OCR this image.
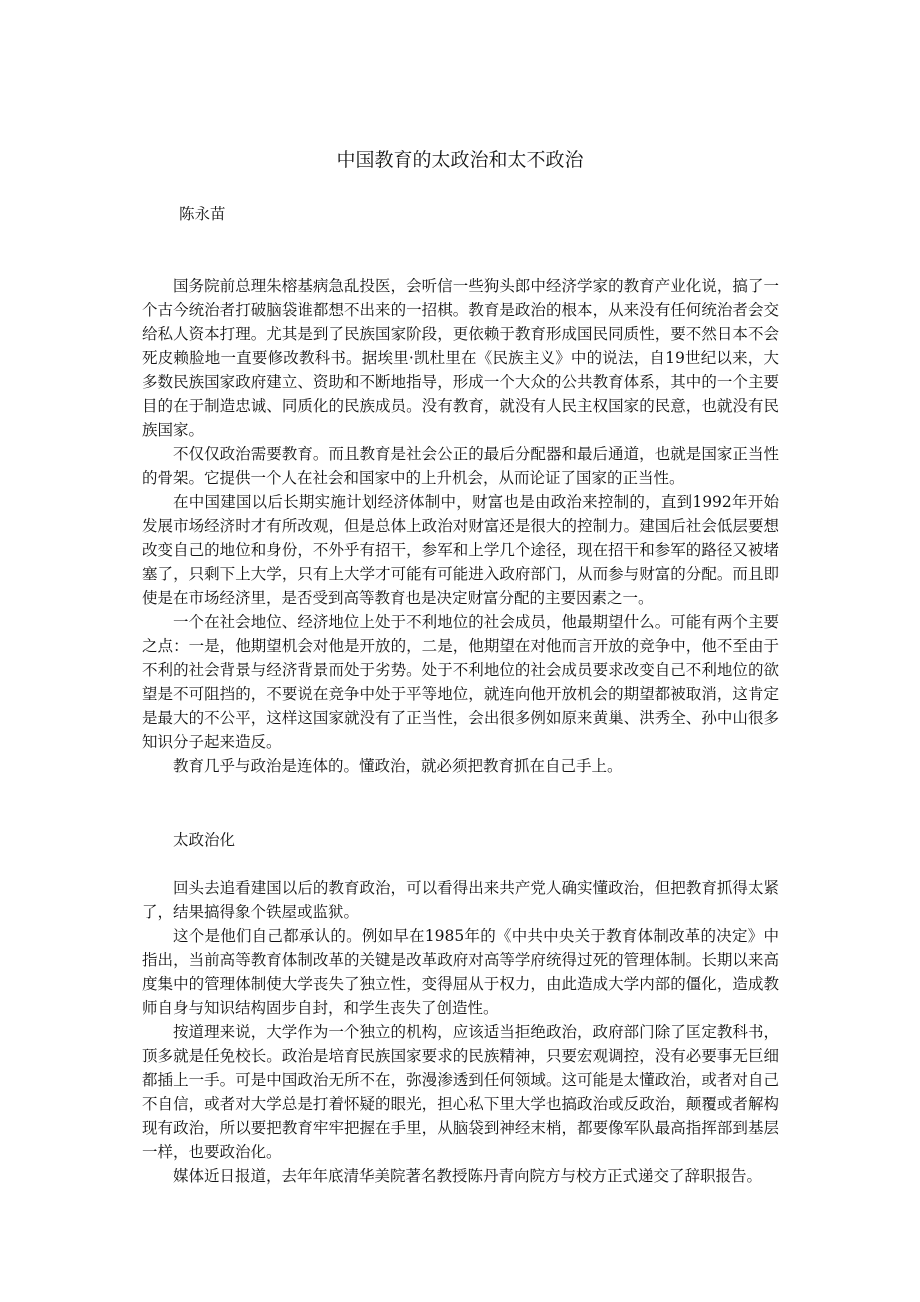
中国教育的太政治和太不政治
陈永苗

国务院前总理朱榕基病急乱投医，会听信一些狗头郎中经济学家的教育产业化说，搞了一个古今统治者打破脑袋谁都想不出来的一招棋。教育是政治的根本，从来没有任何统治者会交给私人资本打理。尤其是到了民族国家阶段，更依赖于教育形成国民同质性，要不然日本不会死皮赖脸地一直要修改教科书。据埃里·凯杜里在《民族主义》中的说法，自19世纪以来，大多数民族国家政府建立、资助和不断地指导，形成一个大众的公共教育体系，其中的一个主要目的在于制造忠诚、同质化的民族成员。没有教育，就没有人民主权国家的民意，也就没有民族国家。

不仅仅政治需要教育。而且教育是社会公正的最后分配器和最后通道，也就是国家正当性的骨架。它提供一个人在社会和国家中的上升机会，从而论证了国家的正当性。

在中国建国以后长期实施计划经济体制中，财富也是由政治来控制的，直到1992年开始发展市场经济时才有所改观，但是总体上政治对财富还是很大的控制力。建国后社会低层要想改变自己的地位和身份，不外乎有招干，参军和上学几个途径，现在招干和参军的路径又被堵塞了，只剩下上大学，只有上大学才可能有可能进入政府部门，从而参与财富的分配。而且即使是在市场经济里，是否受到高等教育也是决定财富分配的主要因素之一。

一个在社会地位、经济地位上处于不利地位的社会成员，他最期望什么。可能有两个主要之点：一是，他期望机会对他是开放的，二是，他期望在对他而言开放的竞争中，他不至由于不利的社会背景与经济背景而处于劣势。处于不利地位的社会成员要求改变自己不利地位的欲望是不可阻挡的，不要说在竞争中处于平等地位，就连向他开放机会的期望都被取消，这肯定是最大的不公平，这样这国家就没有了正当性，会出很多例如原来黄巢、洪秀全、孙中山很多知识分子起来造反。

教育几乎与政治是连体的。懂政治，就必须把教育抓在自己手上。

太政治化

回头去追看建国以后的教育政治，可以看得出来共产党人确实懂政治，但把教育抓得太紧了，结果搞得象个铁屋或监狱。

这个是他们自己都承认的。例如早在1985年的《中共中央关于教育体制改革的决定》中指出，当前高等教育体制改革的关键是改革政府对高等学府统得过死的管理体制。长期以来高度集中的管理体制使大学丧失了独立性，变得屈从于权力，由此造成大学内部的僵化，造成教师自身与知识结构固步自封，和学生丧失了创造性。

按道理来说，大学作为一个独立的机构，应该适当拒绝政治，政府部门除了匡定教科书，顶多就是任免校长。政治是培育民族国家要求的民族精神，只要宏观调控，没有必要事无巨细都插上一手。可是中国政治无所不在，弥漫渗透到任何领域。这可能是太懂政治，或者对自己不自信，或者对大学总是打着怀疑的眼光，担心私下里大学也搞政治或反政治，颠覆或者解构现有政治，所以要把教育牢牢把握在手里，从脑袋到神经末梢，都要像军队最高指挥部到基层一样，也要政治化。

媒体近日报道，去年年底清华美院著名教授陈丹青向院方与校方正式递交了辞职报告。
